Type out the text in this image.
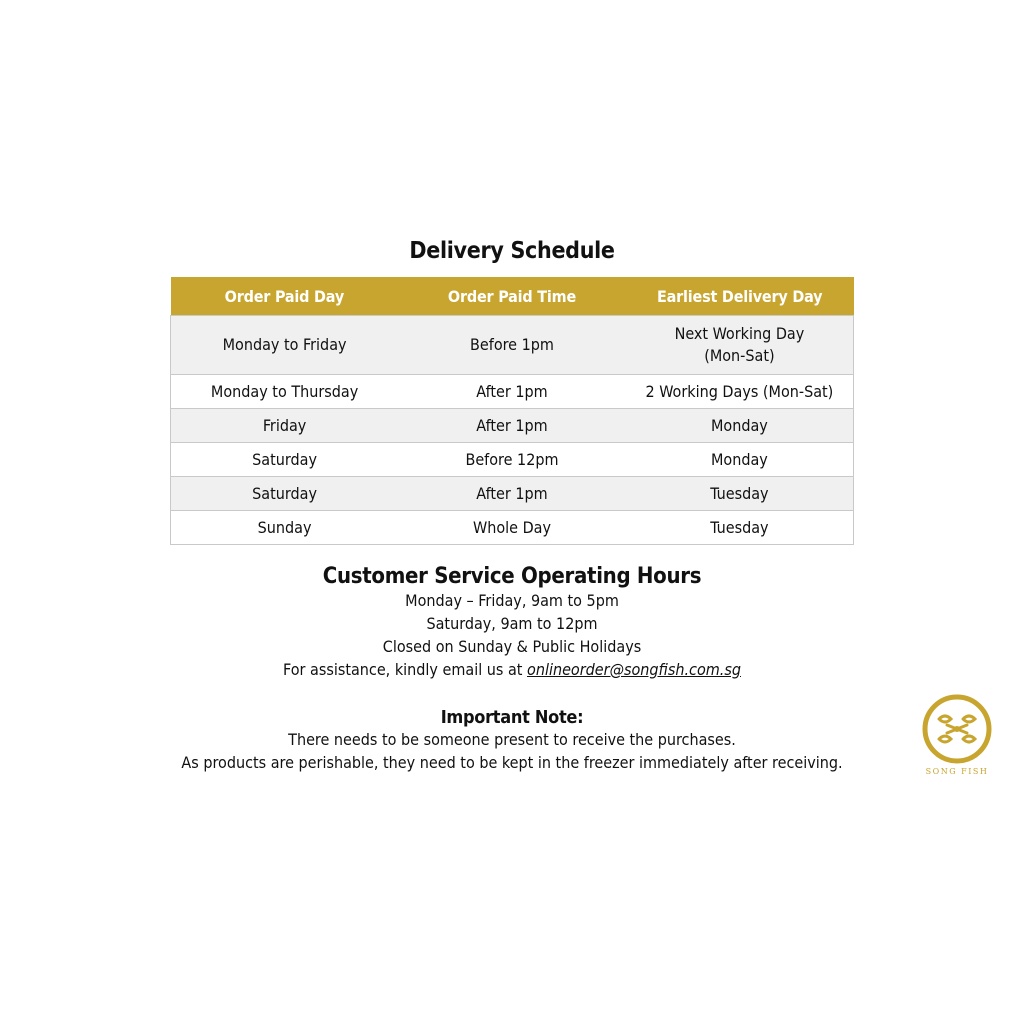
Delivery Schedule
Order Paid Day	Order Paid Time	Earliest Delivery Day
Monday to Friday	Before 1pm	Next Working Day
(Mon-Sat)

Monday to Thursday	After 1pm	2 Working Days (Mon-Sat)
Friday	After 1pm	Monday
Saturday	Before 12pm	Monday
Saturday	After 1pm	Tuesday
Sunday	Whole Day	Tuesday
Customer Service Operating Hours
Monday – Friday, 9am to 5pm
Saturday, 9am to 12pm
Closed on Sunday & Public Holidays
For assistance, kindly email us at onlineorder@songfish.com.sg
Important Note:
There needs to be someone present to receive the purchases.
As products are perishable, they need to be kept in the freezer immediately after receiving.	SONG FISH
